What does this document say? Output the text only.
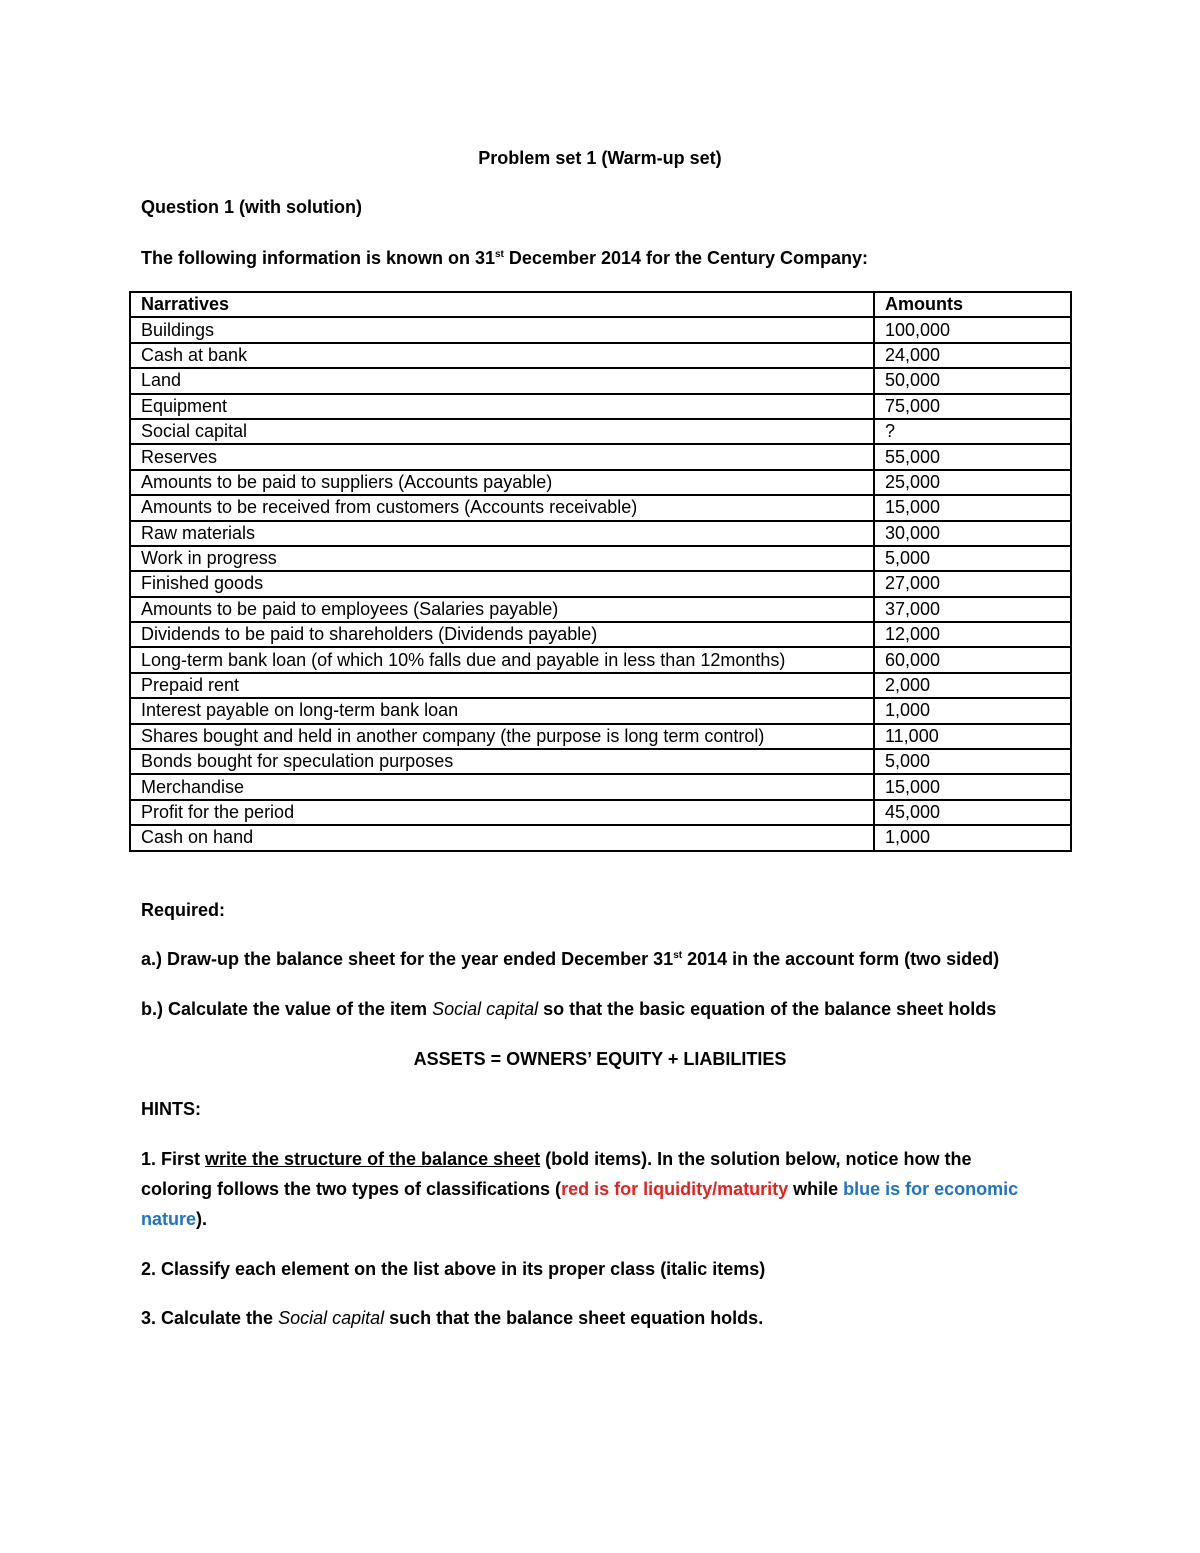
Problem set 1 (Warm-up set)
Question 1 (with solution)
The following information is known on 31st December 2014 for the Century Company:
Narratives	Amounts
Buildings	100,000
Cash at bank	24,000
Land	50,000
Equipment	75,000
Social capital	?
Reserves	55,000
Amounts to be paid to suppliers (Accounts payable)	25,000
Amounts to be received from customers (Accounts receivable)	15,000
Raw materials	30,000
Work in progress	5,000
Finished goods	27,000
Amounts to be paid to employees (Salaries payable)	37,000
Dividends to be paid to shareholders (Dividends payable)	12,000
Long-term bank loan (of which 10% falls due and payable in less than 12months)	60,000
Prepaid rent	2,000
Interest payable on long-term bank loan	1,000
Shares bought and held in another company (the purpose is long term control)	11,000
Bonds bought for speculation purposes	5,000
Merchandise	15,000
Profit for the period	45,000
Cash on hand	1,000
Required:
a.) Draw-up the balance sheet for the year ended December 31st 2014 in the account form (two sided)
b.) Calculate the value of the item Social capital so that the basic equation of the balance sheet holds
ASSETS = OWNERS’ EQUITY + LIABILITIES
HINTS:
1. First write the structure of the balance sheet (bold items). In the solution below, notice how the
coloring follows the two types of classifications (red is for liquidity/maturity while blue is for economic
nature).
2. Classify each element on the list above in its proper class (italic items)
3. Calculate the Social capital such that the balance sheet equation holds.
